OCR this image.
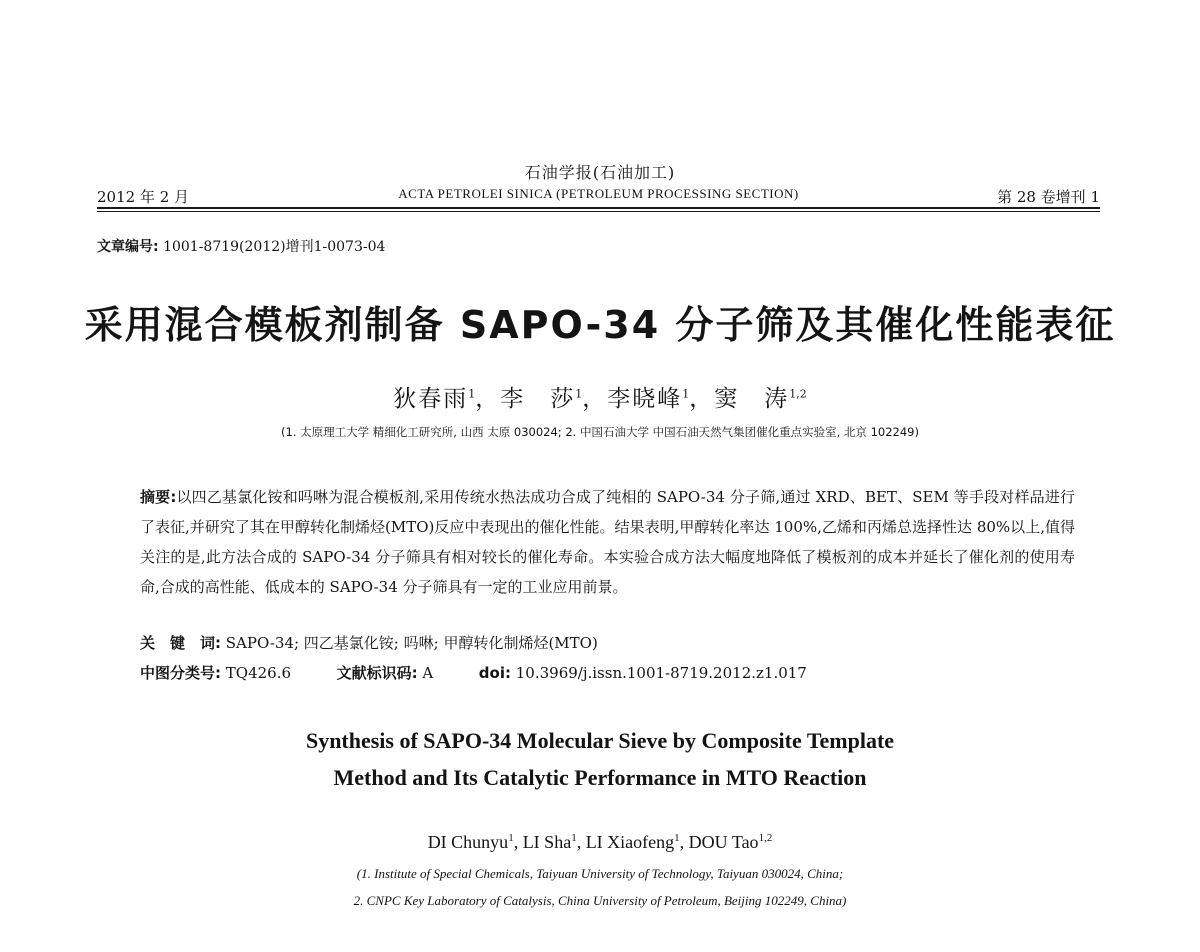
石油学报(石油加工)
2012 年 2 月	ACTA PETROLEI SINICA (PETROLEUM PROCESSING SECTION)	第 28 卷增刊 1
文章编号: 1001-8719(2012)增刊1-0073-04
采用混合模板剂制备 SAPO-34 分子筛及其催化性能表征
狄春雨$^1$，李　莎$^1$，李晓峰$^1$，窦　涛$^{1,2}$
(1. 太原理工大学 精细化工研究所, 山西 太原 030024; 2. 中国石油大学 中国石油天然气集团催化重点实验室, 北京 102249)
摘要:以四乙基氯化铵和吗啉为混合模板剂,采用传统水热法成功合成了纯相的 SAPO-34 分子筛,通过 XRD、BET、SEM 等手段对样品进行了表征,并研究了其在甲醇转化制烯烃(MTO)反应中表现出的催化性能。结果表明,甲醇转化率达 100%,乙烯和丙烯总选择性达 80%以上,值得关注的是,此方法合成的 SAPO-34 分子筛具有相对较长的催化寿命。本实验合成方法大幅度地降低了模板剂的成本并延长了催化剂的使用寿命,合成的高性能、低成本的 SAPO-34 分子筛具有一定的工业应用前景。
关　键　词: SAPO-34; 四乙基氯化铵; 吗啉; 甲醇转化制烯烃(MTO)
中图分类号: TQ426.6	文献标识码: A	doi: 10.3969/j.issn.1001-8719.2012.z1.017
Synthesis of SAPO-34 Molecular Sieve by Composite Template
Method and Its Catalytic Performance in MTO Reaction
DI Chunyu$^1$, LI Sha$^1$, LI Xiaofeng$^1$, DOU Tao$^{1,2}$
(1. Institute of Special Chemicals, Taiyuan University of Technology, Taiyuan 030024, China;
2. CNPC Key Laboratory of Catalysis, China University of Petroleum, Beijing 102249, China)
